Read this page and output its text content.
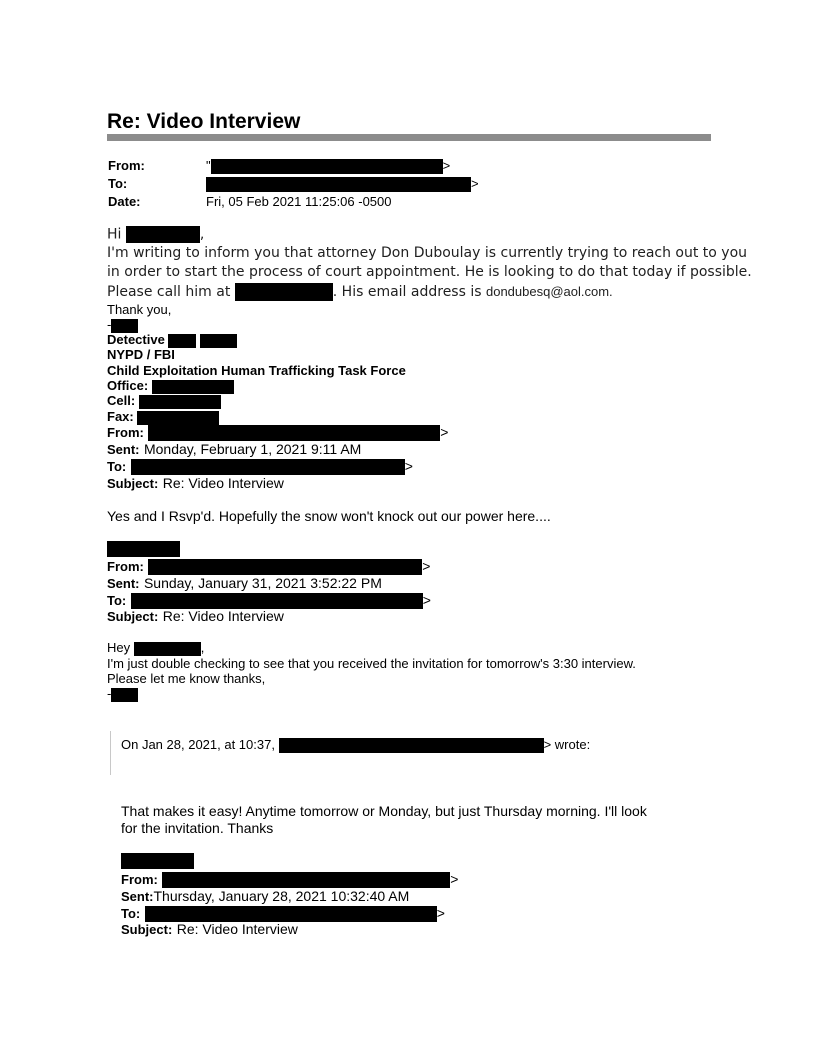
Re: Video Interview
From:	"	>
To:	>
Date:	Fri, 05 Feb 2021 11:25:06 -0500
Hi	,
I'm writing to inform you that attorney Don Duboulay is currently trying to reach out to you
in order to start the process of court appointment. He is looking to do that today if possible.
Please call him at	. His email address is dondubesq@aol.com.
Thank you,
-
Detective
NYPD / FBI
Child Exploitation Human Trafficking Task Force
Office:
Cell:
Fax:
From:	>
Sent: Monday, February 1, 2021 9:11 AM
To:	>
Subject: Re: Video Interview
Yes and I Rsvp'd. Hopefully the snow won't knock out our power here....
From:	>
Sent: Sunday, January 31, 2021 3:52:22 PM
To:	>
Subject: Re: Video Interview
Hey	,
I'm just double checking to see that you received the invitation for tomorrow's 3:30 interview.
Please let me know thanks,
-
On Jan 28, 2021, at 10:37,	> wrote:
That makes it easy! Anytime tomorrow or Monday, but just Thursday morning. I'll look
for the invitation. Thanks
From:	>
Sent:Thursday, January 28, 2021 10:32:40 AM
To:	>
Subject: Re: Video Interview
